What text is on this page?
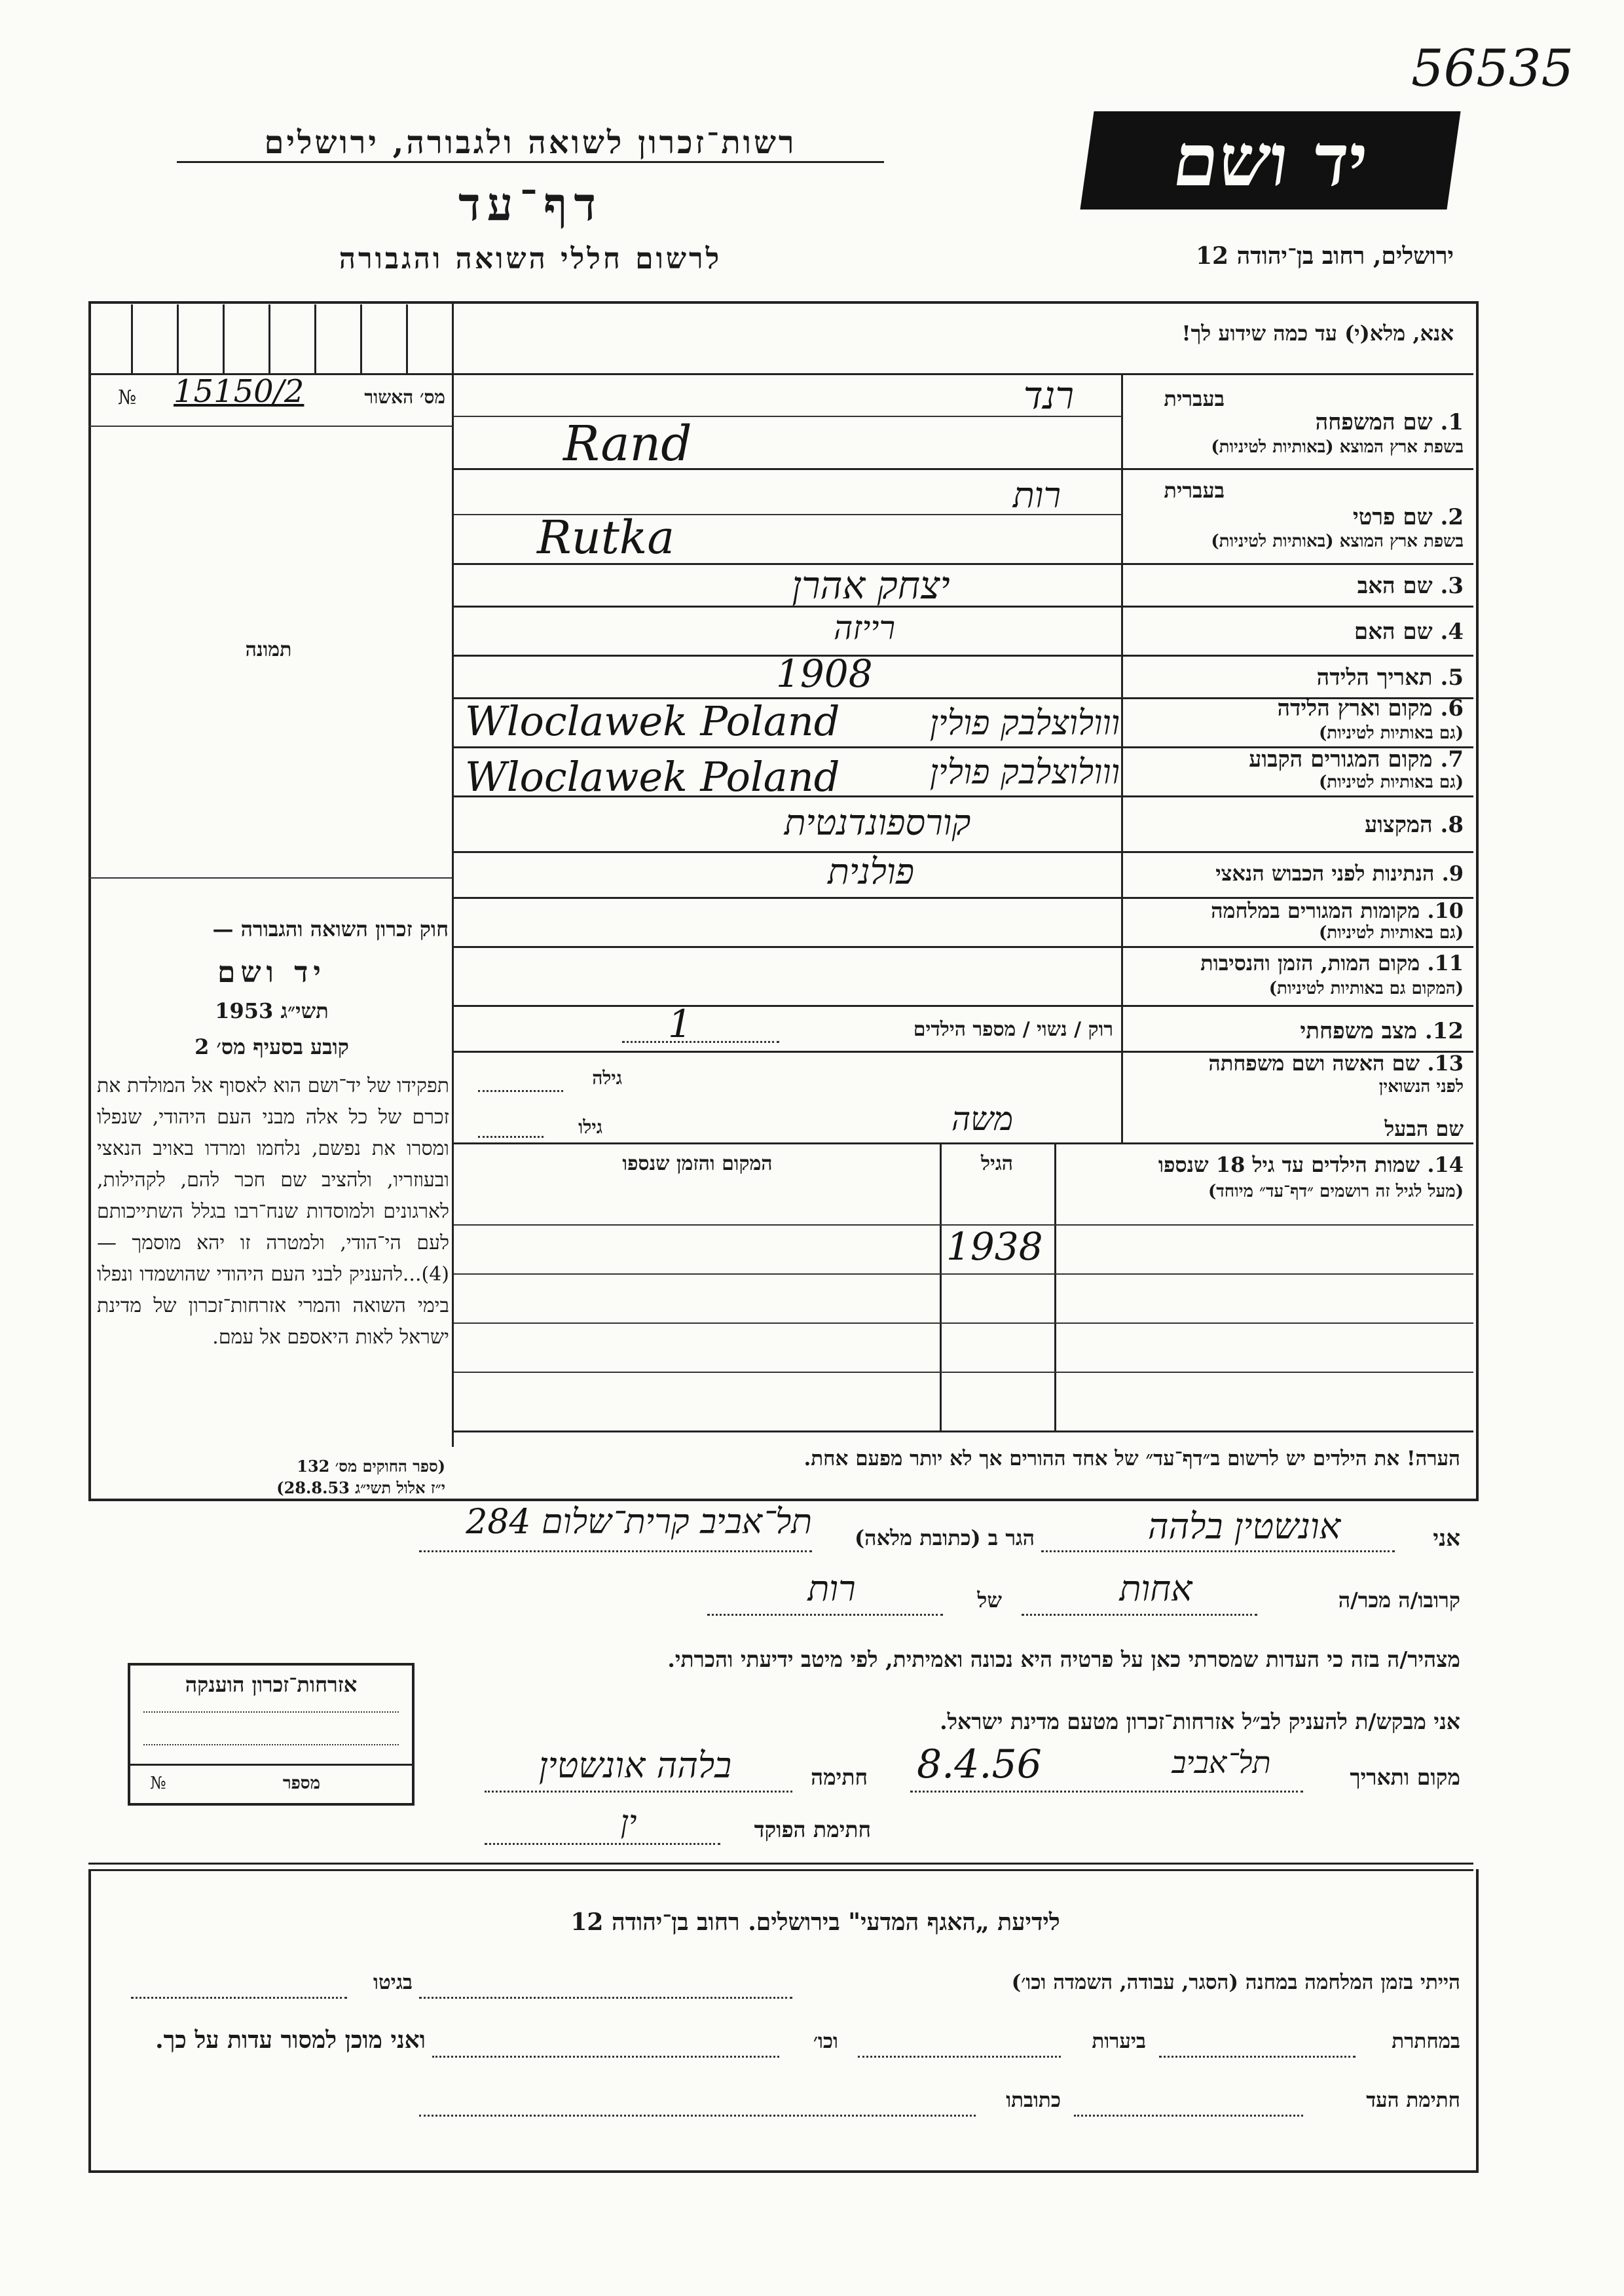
56535
רשות־זכרון לשואה ולגבורה, ירושלים
דף־עד
לרשום חללי השואה והגבורה
יד ושם
ירושלים, רחוב בן־יהודה 12
מס׳ האשור
№ 15150/2
תמונה
חוק זכרון השואה והגבורה —
יד ושם
תשי״ג 1953
קובע בסעיף מס׳ 2
תפקידו של יד־ושם הוא לאסוף אל המולדת את זכרם של כל אלה מבני העם היהודי, שנפלו ומסרו את נפשם, נלחמו ומרדו באויב הנאצי ובעוזריו, ולהציב שם חכר להם, לקהילות, לארגונים ולמוסדות שנח־רבו בגלל השתייכותם לעם הי־הודי, ולמטרה זו יהא מוסמך — (4)...להעניק לבני העם היהודי שהושמדו ונפלו בימי השואה והמרי אזרחות־זכרון של מדינת ישראל לאות היאספם אל עמם.
(ספר החוקים מס׳ 132
י״ז אלול תשי״ג 28.8.53)
אנא, מלא(י) עד כמה שידוע לך!
בעברית
1. שם המשפחה
בשפת ארץ המוצא (באותיות לטיניות)
רנד
Rand
בעברית
2. שם פרטי
בשפת ארץ המוצא (באותיות לטיניות)
רות
Rutka
3. שם האב
יצחק אהרן
4. שם האם
רייזה
5. תאריך הלידה
1908
6. מקום וארץ הלידה
(גם באותיות לטיניות)
Wloclawek Poland	ווולוצלבק פולין
7. מקום המגורים הקבוע
(גם באותיות לטיניות)
Wloclawek Poland	ווולוצלבק פולין
8. המקצוע
קורספונדנטית
9. הנתינות לפני הכבוש הנאצי
פולנית
10. מקומות המגורים במלחמה
(גם באותיות לטיניות)
11. מקום המות, הזמן והנסיבות
(המקום גם באותיות לטיניות)
12. מצב משפחתי
רוק / נשוי / מספר הילדים
1
13. שם האשה ושם משפחתה
לפני הנשואין
גילה
שם הבעל
משה
גילו
14. שמות הילדים עד גיל 18 שנספו
(מעל לגיל זה רושמים ״דף־עד״ מיוחד)
הגיל
המקום והזמן שנספו
1938
הערה! את הילדים יש לרשום ב״דף־עד״ של אחד ההורים אך לא יותר מפעם אחת.
אני
אונשטין בלהה
הגר ב (כתובת מלאה)
תל־אביב קרית־שלום 284
קרובו/ה מכר/ה
אחות
של
רות
מצהיר/ה בזה כי העדות שמסרתי כאן על פרטיה היא נכונה ואמיתית, לפי מיטב ידיעתי והכרתי.
אני מבקש/ת להעניק לב״ל אזרחות־זכרון מטעם מדינת ישראל.
מקום ותאריך
תל־אביב
8.4.56
חתימה
בלהה אונשטין
חתימת הפוקד
ין
אזרחות־זכרון הוענקה
מספר
№
לידיעת „האגף המדעי" בירושלים. רחוב בן־יהודה 12
הייתי בזמן המלחמה במחנה (הסגר, עבודה, השמדה וכו׳)
בגיטו
במחתרת
ביערות
וכו׳
ואני מוכן למסור עדות על כך.
חתימת העד
כתובתו
